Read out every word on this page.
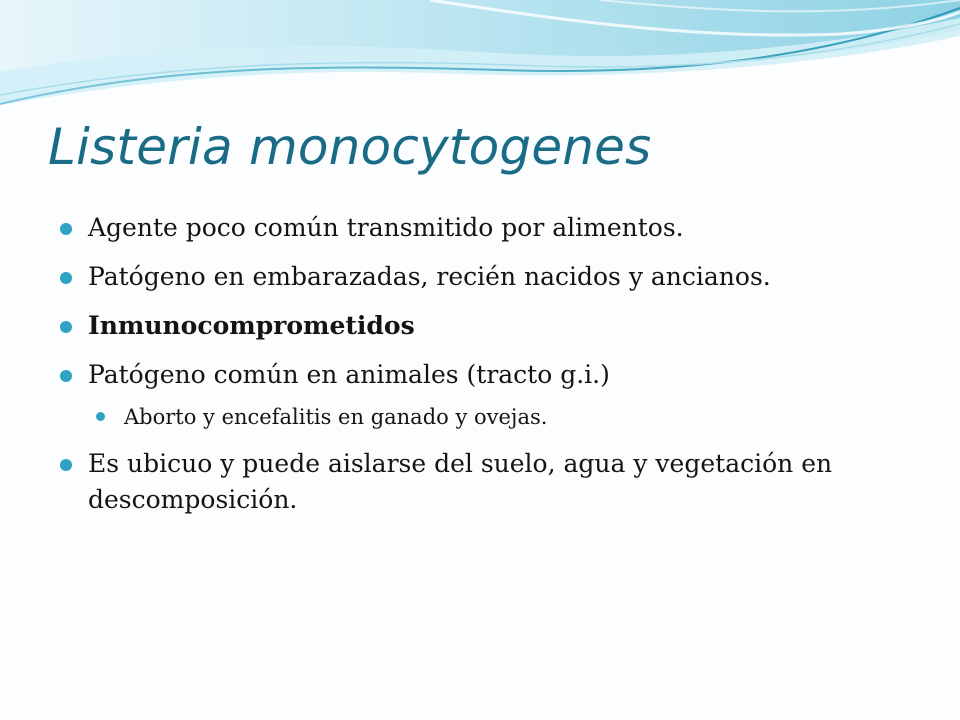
Listeria monocytogenes
Agente poco común transmitido por alimentos.
Patógeno en embarazadas, recién nacidos y ancianos.
Inmunocomprometidos
Patógeno común en animales (tracto g.i.)
Aborto y encefalitis en ganado y ovejas.
Es ubicuo y puede aislarse del suelo, agua y vegetación en descomposición.
